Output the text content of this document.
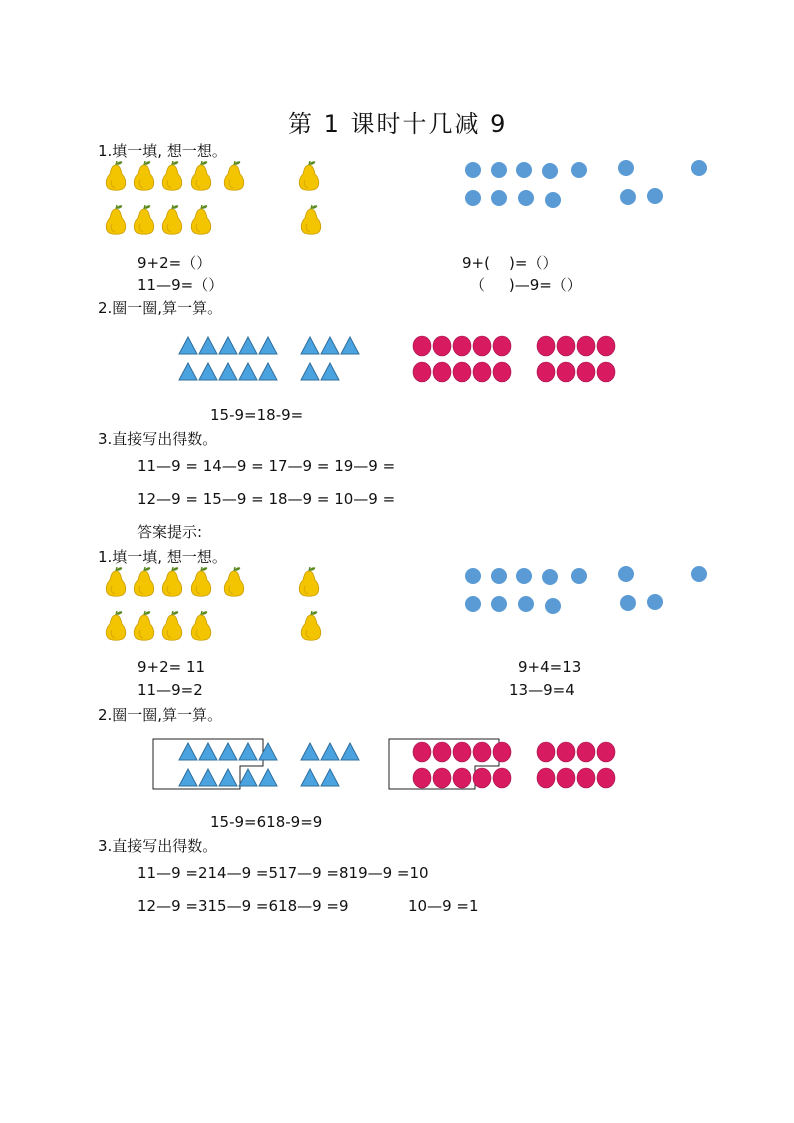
第 1 课时十几减 9
1.填一填, 想一想。
9+2=（）
11—9=（）
9+(    )=（）
（     )—9=（）
2.圈一圈,算一算。
15-9=18-9=
3.直接写出得数。
11—9 = 14—9 = 17—9 = 19—9 =
12—9 = 15—9 = 18—9 = 10—9 =
答案提示:
1.填一填, 想一想。
9+2= 11
11—9=2
9+4=13
13—9=4
2.圈一圈,算一算。
15-9=618-9=9
3.直接写出得数。
11—9 =214—9 =517—9 =819—9 =10
12—9 =315—9 =618—9 =9	10—9 =1
